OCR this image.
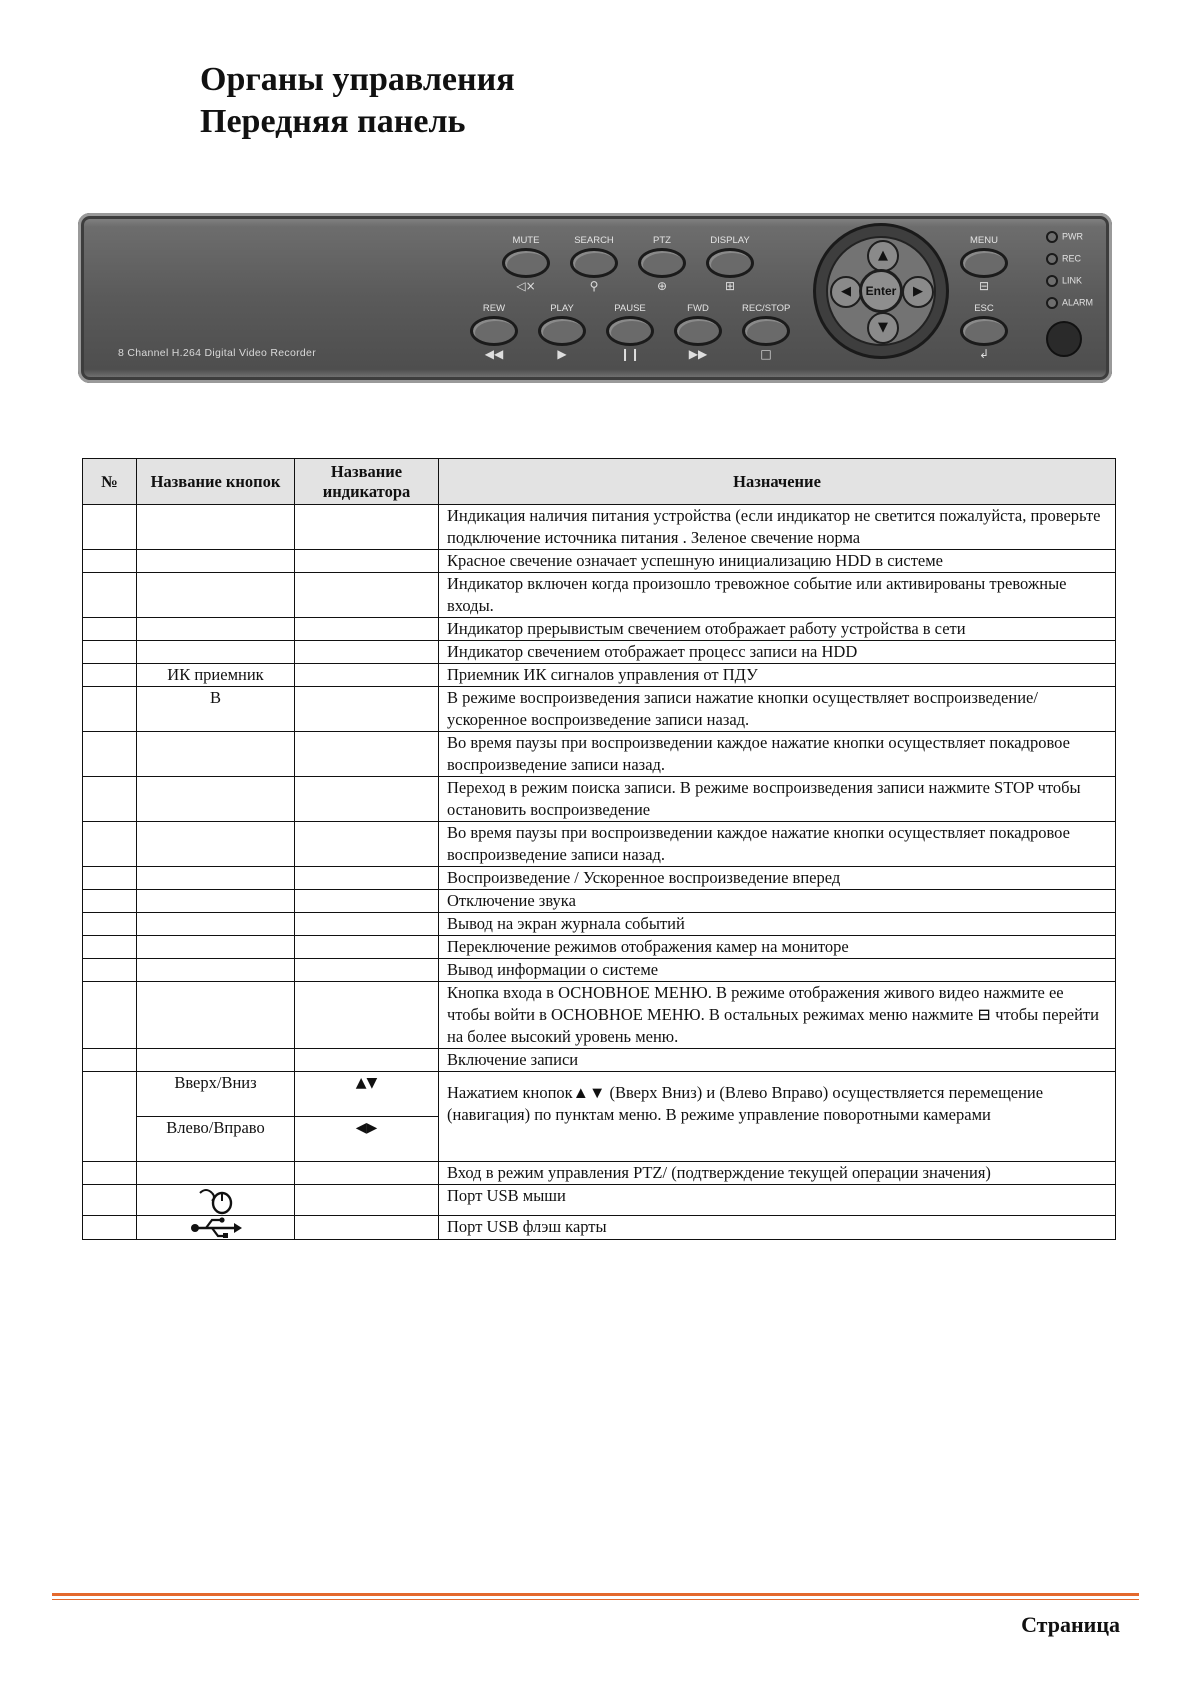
Органы управления
Передняя панель
8 Channel H.264 Digital Video Recorder
MUTE
◁×
SEARCH
⚲
PTZ
⊕
DISPLAY
⊞
REW
◀◀
PLAY
▶
PAUSE
❙❙
FWD
▶▶
REC/STOP
□
▲
▼
◀	▶
Enter
MENU
⊟
ESC
↲
PWR
REC
LINK
ALARM
№	Название кнопок	Название индикатора	Назначение
			Индикация наличия питания устройства (если индикатор не светится пожалуйста, проверьте подключение источника питания . Зеленое свечение норма
			Красное свечение означает успешную инициализацию HDD в системе
			Индикатор включен когда произошло тревожное событие или активированы тревожные входы.
			Индикатор прерывистым свечением отображает работу устройства в сети
			Индикатор свечением отображает процесс записи на HDD
	ИК приемник		Приемник ИК сигналов управления от ПДУ
	В		В режиме воспроизведения записи нажатие кнопки осуществляет воспроизведение/ускоренное воспроизведение записи назад.
			Во время паузы при воспроизведении каждое нажатие кнопки осуществляет покадровое воспроизведение записи назад.
			Переход в режим поиска записи. В режиме воспроизведения записи нажмите STOP чтобы остановить воспроизведение
			Во время паузы при воспроизведении каждое нажатие кнопки осуществляет покадровое воспроизведение записи назад.
			Воспроизведение / Ускоренное воспроизведение вперед
			Отключение звука
			Вывод на экран журнала событий
			Переключение режимов отображения камер на мониторе
			Вывод информации о системе
			Кнопка входа в ОСНОВНОЕ МЕНЮ. В режиме отображения живого видео нажмите ее чтобы войти в ОСНОВНОЕ МЕНЮ. В остальных режимах меню нажмите ⊟ чтобы перейти на более высокий уровень меню.
			Включение записи
	Вверх/Вниз	▲▼	Нажатием кнопок▲▼ (Вверх Вниз) и (Влево Вправо) осуществляется перемещение (навигация) по пунктам меню. В режиме управление поворотными камерами
	Влево/Вправо	◀▶	
			Вход в режим управления PTZ/ (подтверждение текущей операции значения)
			Порт USB мыши
			Порт USB флэш карты
Страница
